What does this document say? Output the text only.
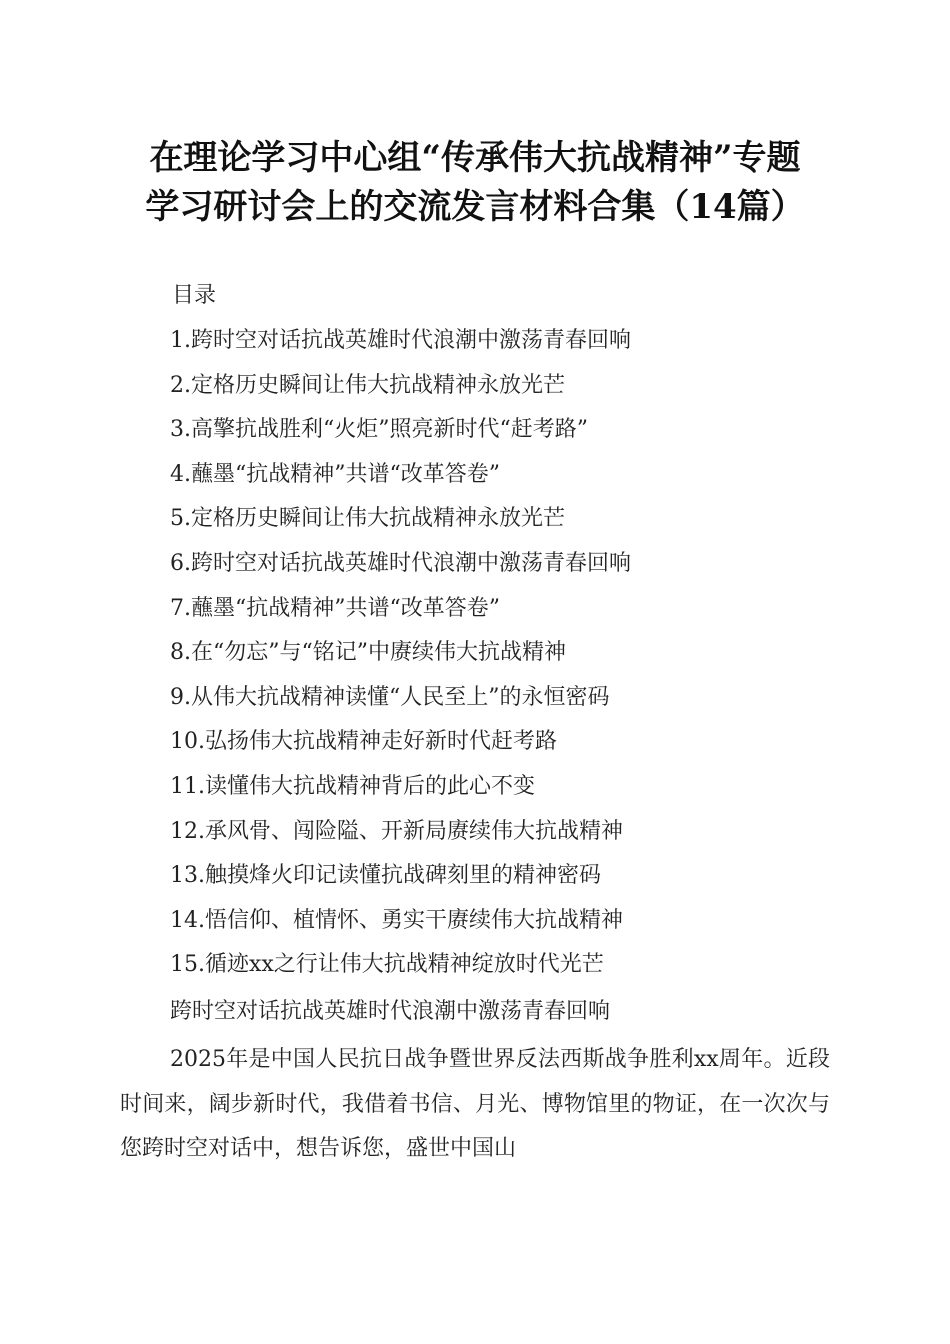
在理论学习中心组“传承伟大抗战精神”专题
学习研讨会上的交流发言材料合集（14篇）
目录
1.跨时空对话抗战英雄时代浪潮中激荡青春回响
2.定格历史瞬间让伟大抗战精神永放光芒
3.高擎抗战胜利“火炬”照亮新时代“赶考路”
4.蘸墨“抗战精神”共谱“改革答卷”
5.定格历史瞬间让伟大抗战精神永放光芒
6.跨时空对话抗战英雄时代浪潮中激荡青春回响
7.蘸墨“抗战精神”共谱“改革答卷”
8.在“勿忘”与“铭记”中赓续伟大抗战精神
9.从伟大抗战精神读懂“人民至上”的永恒密码
10.弘扬伟大抗战精神走好新时代赶考路
11.读懂伟大抗战精神背后的此心不变
12.承风骨、闯险隘、开新局赓续伟大抗战精神
13.触摸烽火印记读懂抗战碑刻里的精神密码
14.悟信仰、植情怀、勇实干赓续伟大抗战精神
15.循迹xx之行让伟大抗战精神绽放时代光芒
跨时空对话抗战英雄时代浪潮中激荡青春回响

2025年是中国人民抗日战争暨世界反法西斯战争胜利xx周年。近段时间来，阔步新时代，我借着书信、月光、博物馆里的物证，在一次次与您跨时空对话中，想告诉您，盛世中国山
